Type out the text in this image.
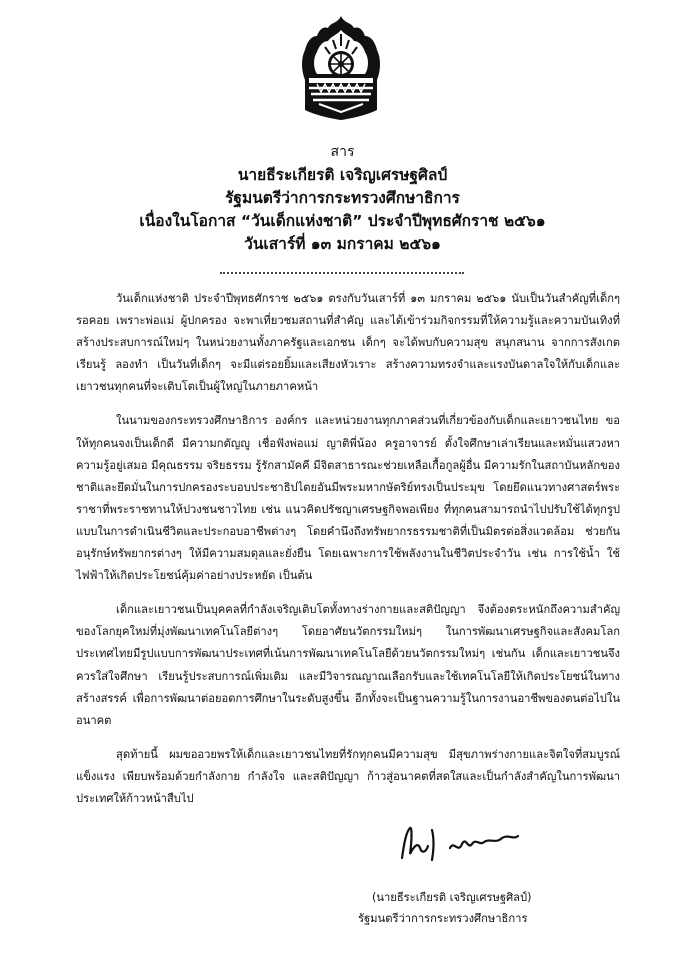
สาร
นายธีระเกียรติ เจริญเศรษฐศิลป์
รัฐมนตรีว่าการกระทรวงศึกษาธิการ
เนื่องในโอกาส “วันเด็กแห่งชาติ” ประจำปีพุทธศักราช ๒๕๖๑
วันเสาร์ที่ ๑๓ มกราคม ๒๕๖๑

วันเด็กแห่งชาติ ประจำปีพุทธศักราช ๒๕๖๑ ตรงกับวันเสาร์ที่ ๑๓ มกราคม ๒๕๖๑ นับเป็นวันสำคัญที่เด็กๆ รอคอย เพราะพ่อแม่ ผู้ปกครอง จะพาเที่ยวชมสถานที่สำคัญ และได้เข้าร่วมกิจกรรมที่ให้ความรู้และความบันเทิงที่สร้างประสบการณ์ใหม่ๆ ในหน่วยงานทั้งภาครัฐและเอกชน เด็กๆ จะได้พบกับความสุข สนุกสนาน จากการสังเกต เรียนรู้ ลองทำ เป็นวันที่เด็กๆ จะมีแต่รอยยิ้มและเสียงหัวเราะ สร้างความทรงจำและแรงบันดาลใจให้กับเด็กและเยาวชนทุกคนที่จะเติบโตเป็นผู้ใหญ่ในภายภาคหน้า

ในนามของกระทรวงศึกษาธิการ องค์กร และหน่วยงานทุกภาคส่วนที่เกี่ยวข้องกับเด็กและเยาวชนไทย ขอให้ทุกคนจงเป็นเด็กดี มีความกตัญญู เชื่อฟังพ่อแม่ ญาติพี่น้อง ครูอาจารย์ ตั้งใจศึกษาเล่าเรียนและหมั่นแสวงหาความรู้อยู่เสมอ มีคุณธรรม จริยธรรม รู้รักสามัคคี มีจิตสาธารณะช่วยเหลือเกื้อกูลผู้อื่น มีความรักในสถาบันหลักของชาติและยึดมั่นในการปกครองระบอบประชาธิปไตยอันมีพระมหากษัตริย์ทรงเป็นประมุข โดยยึดแนวทางศาสตร์พระราชาที่พระราชทานให้ปวงชนชาวไทย เช่น แนวคิดปรัชญาเศรษฐกิจพอเพียง ที่ทุกคนสามารถนำไปปรับใช้ได้ทุกรูปแบบในการดำเนินชีวิตและประกอบอาชีพต่างๆ โดยคำนึงถึงทรัพยากรธรรมชาติที่เป็นมิตรต่อสิ่งแวดล้อม ช่วยกันอนุรักษ์ทรัพยากรต่างๆ ให้มีความสมดุลและยั่งยืน โดยเฉพาะการใช้พลังงานในชีวิตประจำวัน เช่น การใช้น้ำ ใช้ไฟฟ้าให้เกิดประโยชน์คุ้มค่าอย่างประหยัด เป็นต้น

เด็กและเยาวชนเป็นบุคคลที่กำลังเจริญเติบโตทั้งทางร่างกายและสติปัญญา จึงต้องตระหนักถึงความสำคัญของโลกยุคใหม่ที่มุ่งพัฒนาเทคโนโลยีต่างๆ โดยอาศัยนวัตกรรมใหม่ๆ ในการพัฒนาเศรษฐกิจและสังคมโลก ประเทศไทยมีรูปแบบการพัฒนาประเทศที่เน้นการพัฒนาเทคโนโลยีด้วยนวัตกรรมใหม่ๆ เช่นกัน เด็กและเยาวชนจึงควรใส่ใจศึกษา เรียนรู้ประสบการณ์เพิ่มเติม และมีวิจารณญาณเลือกรับและใช้เทคโนโลยีให้เกิดประโยชน์ในทางสร้างสรรค์ เพื่อการพัฒนาต่อยอดการศึกษาในระดับสูงขึ้น อีกทั้งจะเป็นฐานความรู้ในการงานอาชีพของตนต่อไปในอนาคต

สุดท้ายนี้ ผมขออวยพรให้เด็กและเยาวชนไทยที่รักทุกคนมีความสุข มีสุขภาพร่างกายและจิตใจที่สมบูรณ์แข็งแรง เพียบพร้อมด้วยกำลังกาย กำลังใจ และสติปัญญา ก้าวสู่อนาคตที่สดใสและเป็นกำลังสำคัญในการพัฒนาประเทศให้ก้าวหน้าสืบไป

(นายธีระเกียรติ เจริญเศรษฐศิลป์)
รัฐมนตรีว่าการกระทรวงศึกษาธิการ
